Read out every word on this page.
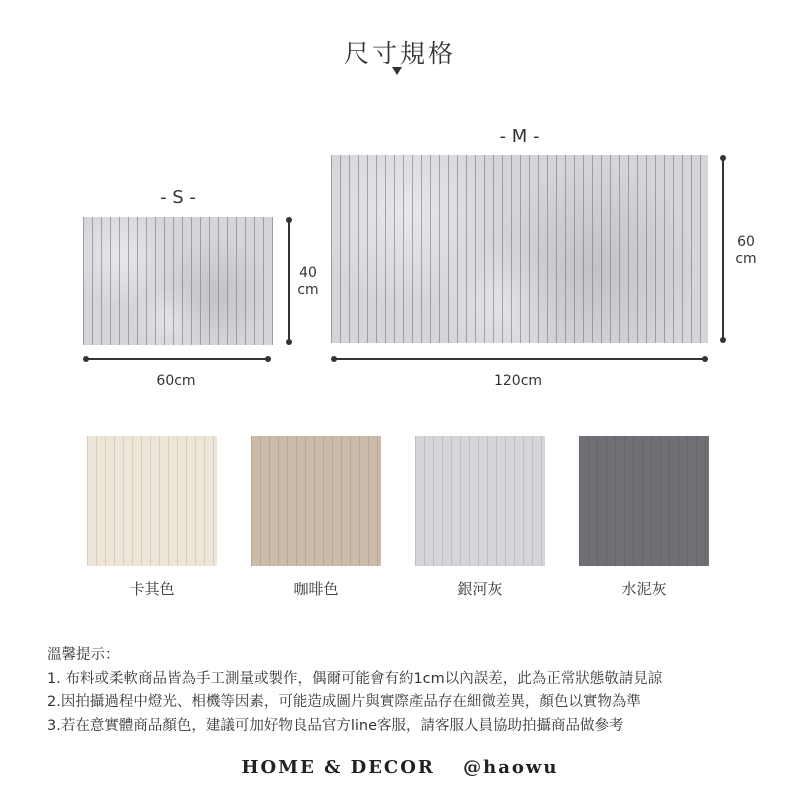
尺寸規格
- S -
40
cm
60cm
- M -
60
cm
120cm
卡其色	咖啡色	銀河灰	水泥灰
溫馨提示：
1. 布料或柔軟商品皆為手工測量或製作，偶爾可能會有約1cm以內誤差，此為正常狀態敬請見諒
2.因拍攝過程中燈光、相機等因素，可能造成圖片與實際產品存在細微差異，顏色以實物為準
3.若在意實體商品顏色，建議可加好物良品官方line客服，請客服人員協助拍攝商品做參考
HOME & DECOR @haowu
